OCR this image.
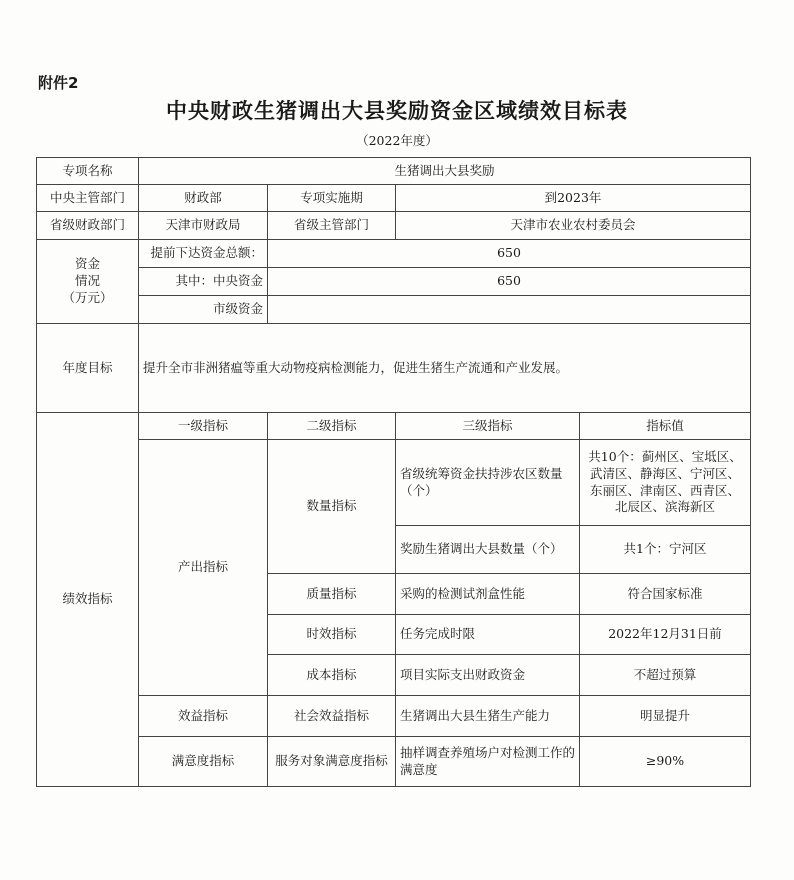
附件2
中央财政生猪调出大县奖励资金区域绩效目标表
（2022年度）
专项名称	生猪调出大县奖励			
中央主管部门	财政部	专项实施期	到2023年	
省级财政部门	天津市财政局	省级主管部门	天津市农业农村委员会	

资金
情况
（万元）	提前下达资金总额：	650		
	其中：中央资金	650		
	市级资金			
年度目标	提升全市非洲猪瘟等重大动物疫病检测能力，促进生猪生产流通和产业发展。			
绩效指标	一级指标	二级指标	三级指标	指标值
	产出指标	数量指标	省级统筹资金扶持涉农区数量（个）	共10个：蓟州区、宝坻区、武清区、静海区、宁河区、东丽区、津南区、西青区、北辰区、滨海新区
			奖励生猪调出大县数量（个）	共1个：宁河区
		质量指标	采购的检测试剂盒性能	符合国家标准
		时效指标	任务完成时限	2022年12月31日前
		成本指标	项目实际支出财政资金	不超过预算
	效益指标	社会效益指标	生猪调出大县生猪生产能力	明显提升
	满意度指标	服务对象满意度指标	抽样调查养殖场户对检测工作的满意度	≥90%
